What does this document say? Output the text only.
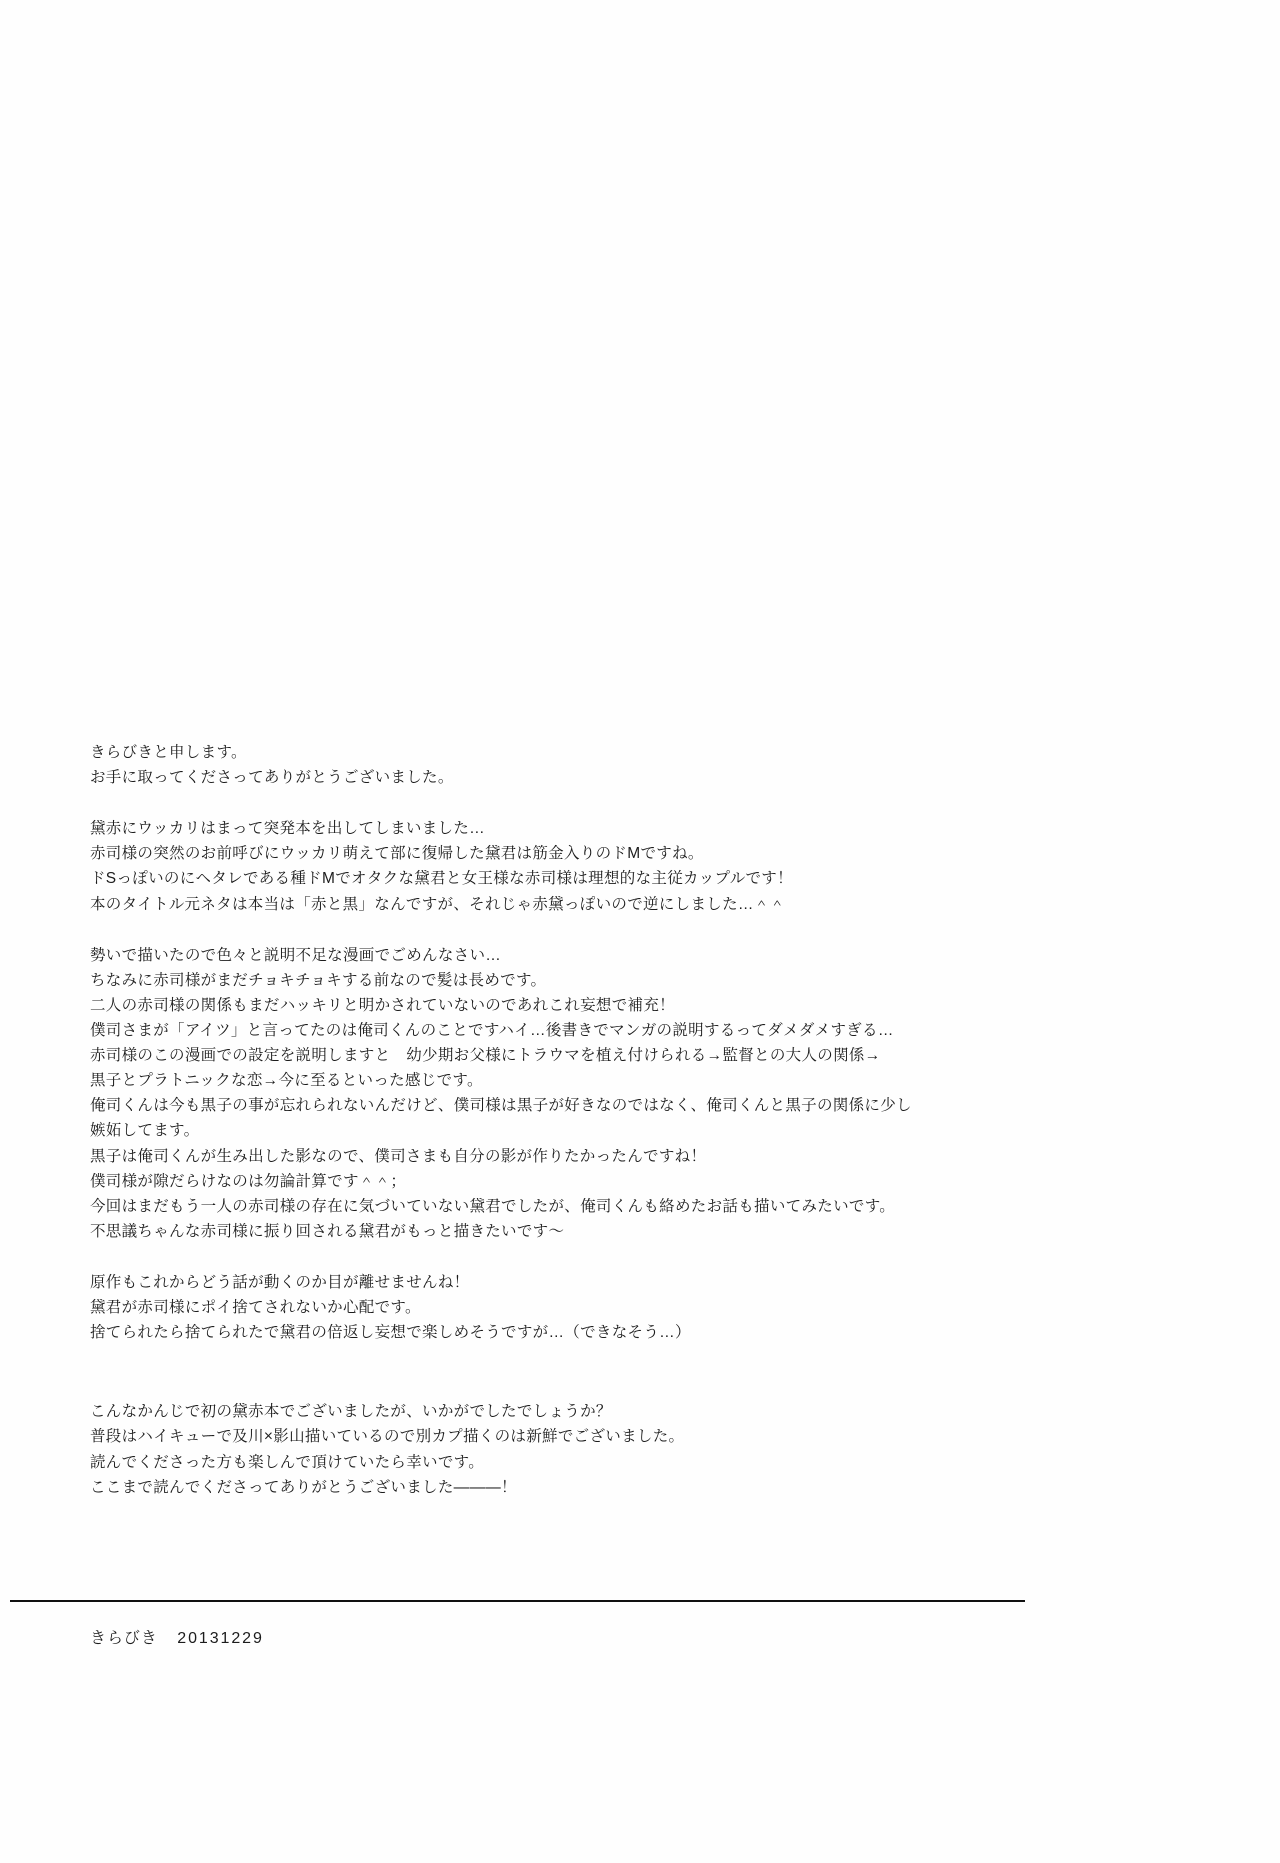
きらびきと申します。
お手に取ってくださってありがとうございました。
黛赤にウッカリはまって突発本を出してしまいました…
赤司様の突然のお前呼びにウッカリ萌えて部に復帰した黛君は筋金入りのドMですね。
ドSっぽいのにヘタレである種ドMでオタクな黛君と女王様な赤司様は理想的な主従カップルです！
本のタイトル元ネタは本当は「赤と黒」なんですが、それじゃ赤黛っぽいので逆にしました…＾＾
勢いで描いたので色々と説明不足な漫画でごめんなさい…
ちなみに赤司様がまだチョキチョキする前なので髪は長めです。
二人の赤司様の関係もまだハッキリと明かされていないのであれこれ妄想で補充！
僕司さまが「アイツ」と言ってたのは俺司くんのことですハイ…後書きでマンガの説明するってダメダメすぎる…
赤司様のこの漫画での設定を説明しますと　幼少期お父様にトラウマを植え付けられる→監督との大人の関係→
黒子とプラトニックな恋→今に至るといった感じです。
俺司くんは今も黒子の事が忘れられないんだけど、僕司様は黒子が好きなのではなく、俺司くんと黒子の関係に少し
嫉妬してます。
黒子は俺司くんが生み出した影なので、僕司さまも自分の影が作りたかったんですね！
僕司様が隙だらけなのは勿論計算です＾＾；
今回はまだもう一人の赤司様の存在に気づいていない黛君でしたが、俺司くんも絡めたお話も描いてみたいです。
不思議ちゃんな赤司様に振り回される黛君がもっと描きたいです～
原作もこれからどう話が動くのか目が離せませんね！
黛君が赤司様にポイ捨てされないか心配です。
捨てられたら捨てられたで黛君の倍返し妄想で楽しめそうですが…（できなそう…）
こんなかんじで初の黛赤本でございましたが、いかがでしたでしょうか？
普段はハイキューで及川×影山描いているので別カプ描くのは新鮮でございました。
読んでくださった方も楽しんで頂けていたら幸いです。
ここまで読んでくださってありがとうございました———！
きらびき 20131229
